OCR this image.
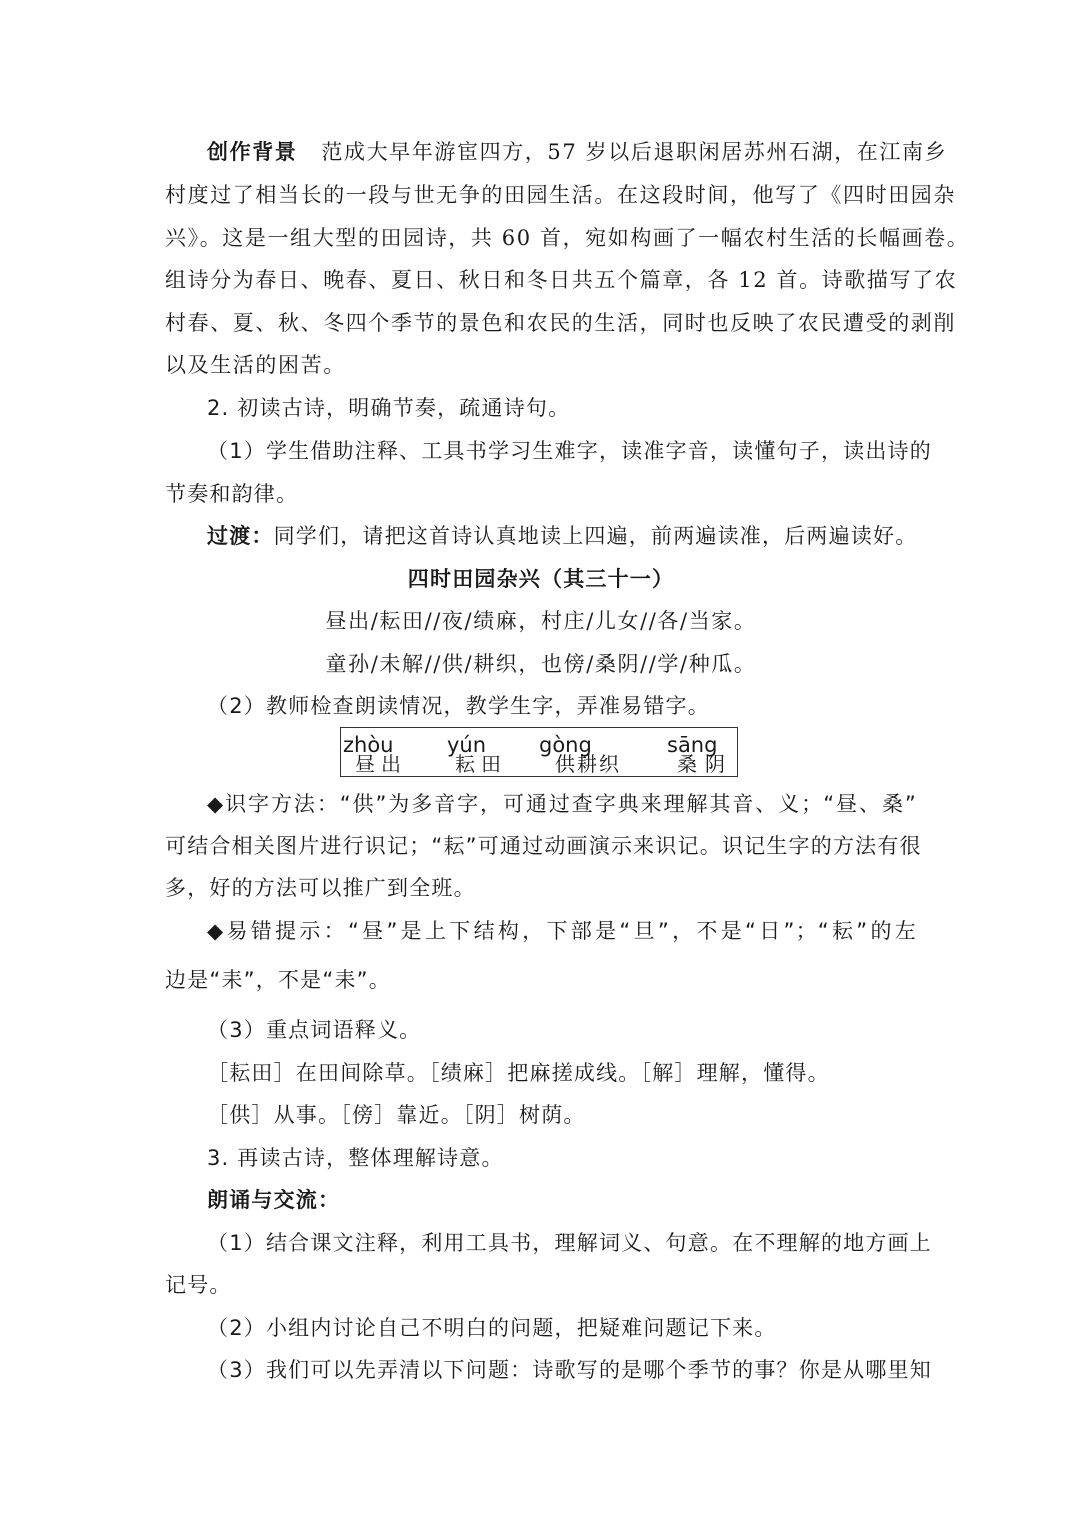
创作背景 范成大早年游宦四方，57 岁以后退职闲居苏州石湖，在江南乡
村度过了相当长的一段与世无争的田园生活。在这段时间，他写了《四时田园杂
兴》。这是一组大型的田园诗，共 60 首，宛如构画了一幅农村生活的长幅画卷。
组诗分为春日、晚春、夏日、秋日和冬日共五个篇章，各 12 首。诗歌描写了农
村春、夏、秋、冬四个季节的景色和农民的生活，同时也反映了农民遭受的剥削
以及生活的困苦。
2. 初读古诗，明确节奏，疏通诗句。
（1）学生借助注释、工具书学习生难字，读准字音，读懂句子，读出诗的
节奏和韵律。
过渡：同学们，请把这首诗认真地读上四遍，前两遍读准，后两遍读好。
四时田园杂兴（其三十一）
昼出/耘田//夜/绩麻，村庄/儿女//各/当家。
童孙/未解//供/耕织，也傍/桑阴//学/种瓜。
（2）教师检查朗读情况，教学生字，弄准易错字。
zhòu
昼出
yún
耘田
gòng
供耕织
sāng
桑阴
◆识字方法：“供”为多音字，可通过查字典来理解其音、义；“昼、桑”
可结合相关图片进行识记；“耘”可通过动画演示来识记。识记生字的方法有很
多，好的方法可以推广到全班。
◆易错提示：“昼”是上下结构，下部是“旦”，不是“日”；“耘”的左
边是“耒”，不是“耒”。
（3）重点词语释义。
［耘田］在田间除草。［绩麻］把麻搓成线。［解］理解，懂得。
［供］从事。［傍］靠近。［阴］树荫。
3. 再读古诗，整体理解诗意。
朗诵与交流：
（1）结合课文注释，利用工具书，理解词义、句意。在不理解的地方画上
记号。
（2）小组内讨论自己不明白的问题，把疑难问题记下来。
（3）我们可以先弄清以下问题：诗歌写的是哪个季节的事？你是从哪里知
